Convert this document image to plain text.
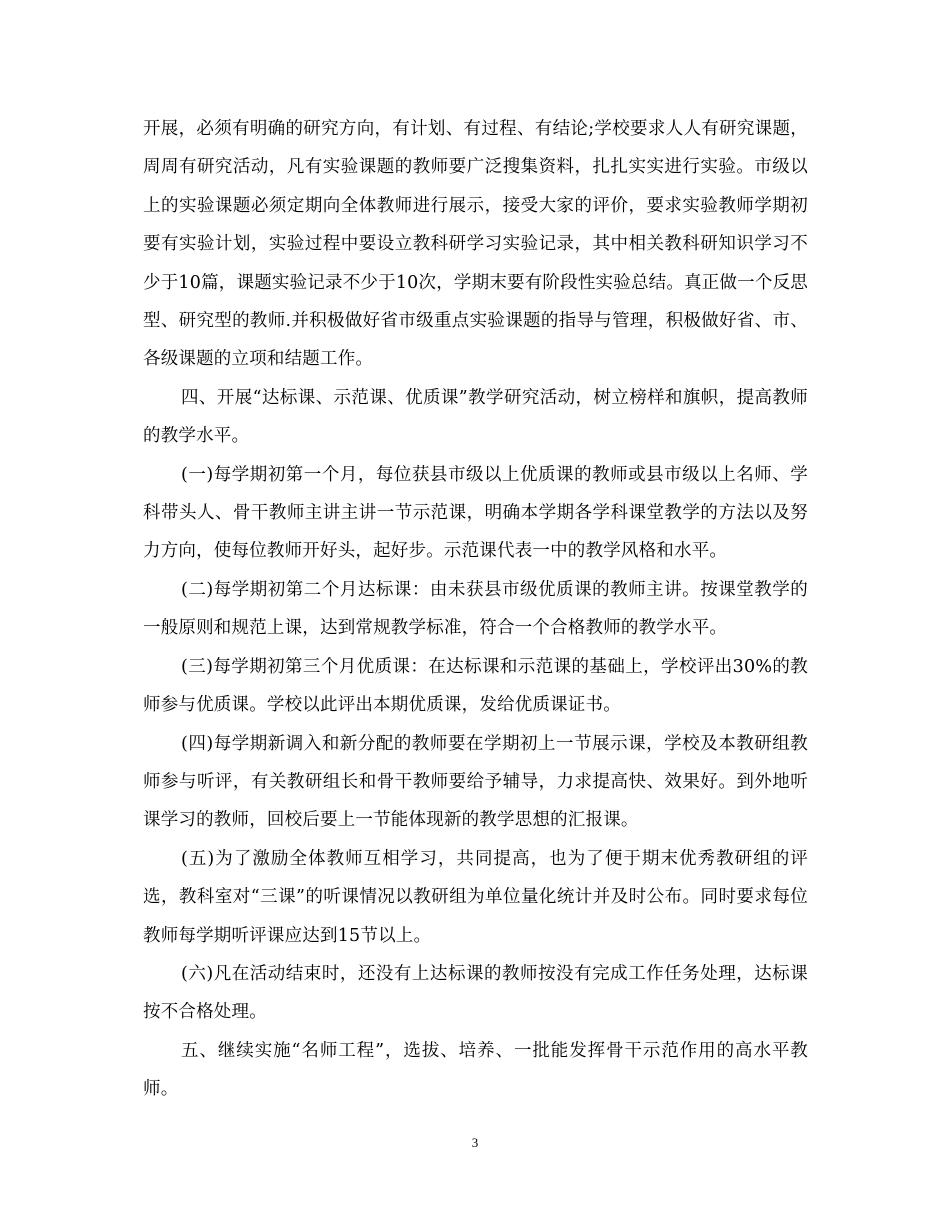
开展，必须有明确的研究方向，有计划、有过程、有结论;学校要求人人有研究课题，周周有研究活动，凡有实验课题的教师要广泛搜集资料，扎扎实实进行实验。市级以上的实验课题必须定期向全体教师进行展示，接受大家的评价，要求实验教师学期初要有实验计划，实验过程中要设立教科研学习实验记录，其中相关教科研知识学习不少于10篇，课题实验记录不少于10次，学期末要有阶段性实验总结。真正做一个反思型、研究型的教师.并积极做好省市级重点实验课题的指导与管理，积极做好省、市、各级课题的立项和结题工作。

四、开展“达标课、示范课、优质课”教学研究活动，树立榜样和旗帜，提高教师的教学水平。

(一)每学期初第一个月，每位获县市级以上优质课的教师或县市级以上名师、学科带头人、骨干教师主讲主讲一节示范课，明确本学期各学科课堂教学的方法以及努力方向，使每位教师开好头，起好步。示范课代表一中的教学风格和水平。

(二)每学期初第二个月达标课：由未获县市级优质课的教师主讲。按课堂教学的一般原则和规范上课，达到常规教学标准，符合一个合格教师的教学水平。

(三)每学期初第三个月优质课：在达标课和示范课的基础上，学校评出30%的教师参与优质课。学校以此评出本期优质课，发给优质课证书。

(四)每学期新调入和新分配的教师要在学期初上一节展示课，学校及本教研组教师参与听评，有关教研组长和骨干教师要给予辅导，力求提高快、效果好。到外地听课学习的教师，回校后要上一节能体现新的教学思想的汇报课。

(五)为了激励全体教师互相学习，共同提高，也为了便于期末优秀教研组的评选，教科室对“三课”的听课情况以教研组为单位量化统计并及时公布。同时要求每位教师每学期听评课应达到15节以上。

(六)凡在活动结束时，还没有上达标课的教师按没有完成工作任务处理，达标课按不合格处理。

五、继续实施“名师工程”，选拔、培养、一批能发挥骨干示范作用的高水平教师。

3
